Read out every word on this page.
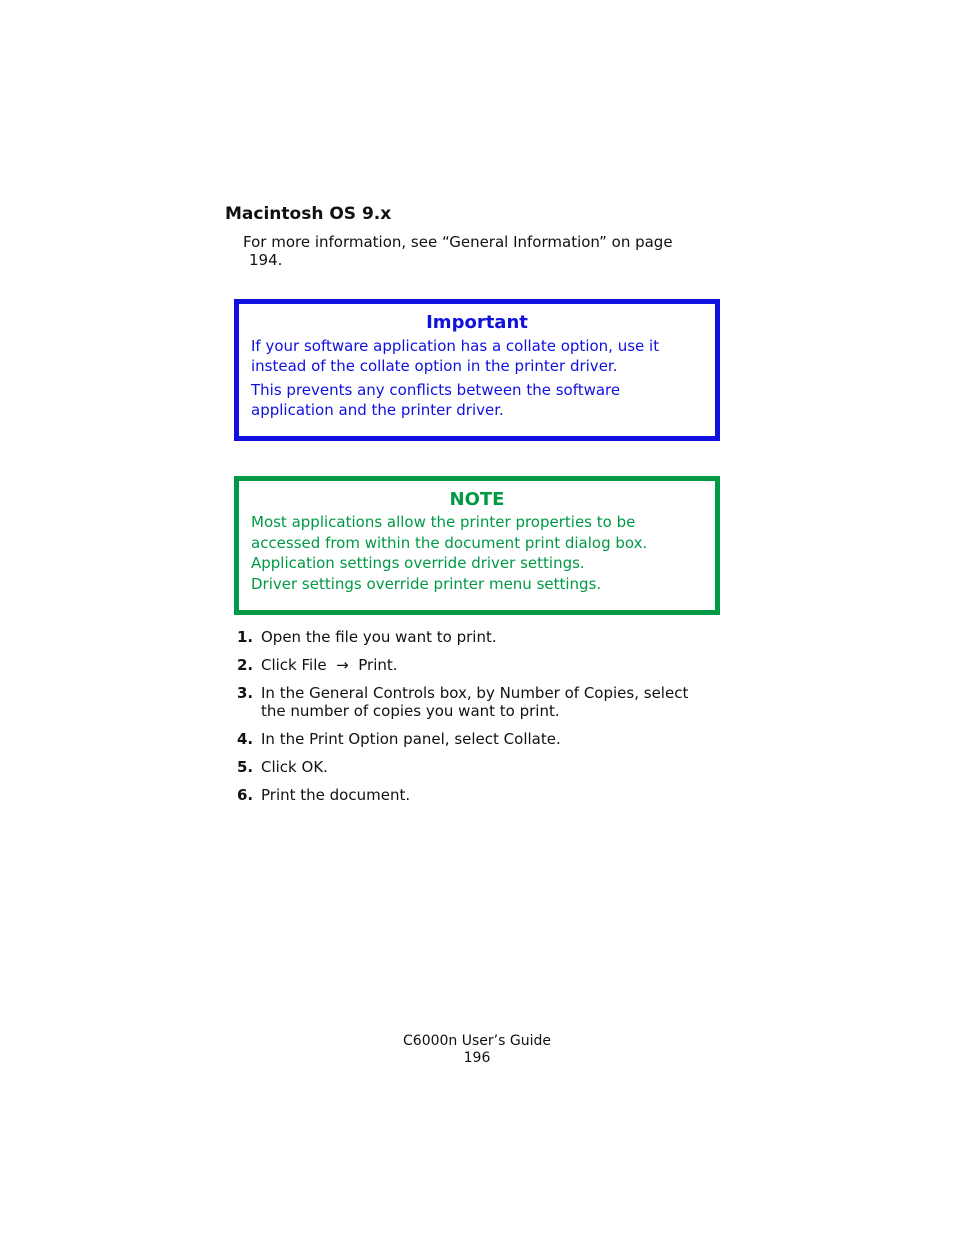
Macintosh OS 9.x

For more information, see “General Information” on page
194.

Important

If your software application has a collate option, use it instead of the collate option in the printer driver.

This prevents any conflicts between the software application and the printer driver.

NOTE

Most applications allow the printer properties to be accessed from within the document print dialog box.

Application settings override driver settings.

Driver settings override printer menu settings.

1. Open the file you want to print.
2. Click File  →  Print.
3. In the General Controls box, by Number of Copies, select the number of copies you want to print.
4. In the Print Option panel, select Collate.
5. Click OK.
6. Print the document.
C6000n User’s Guide
196
